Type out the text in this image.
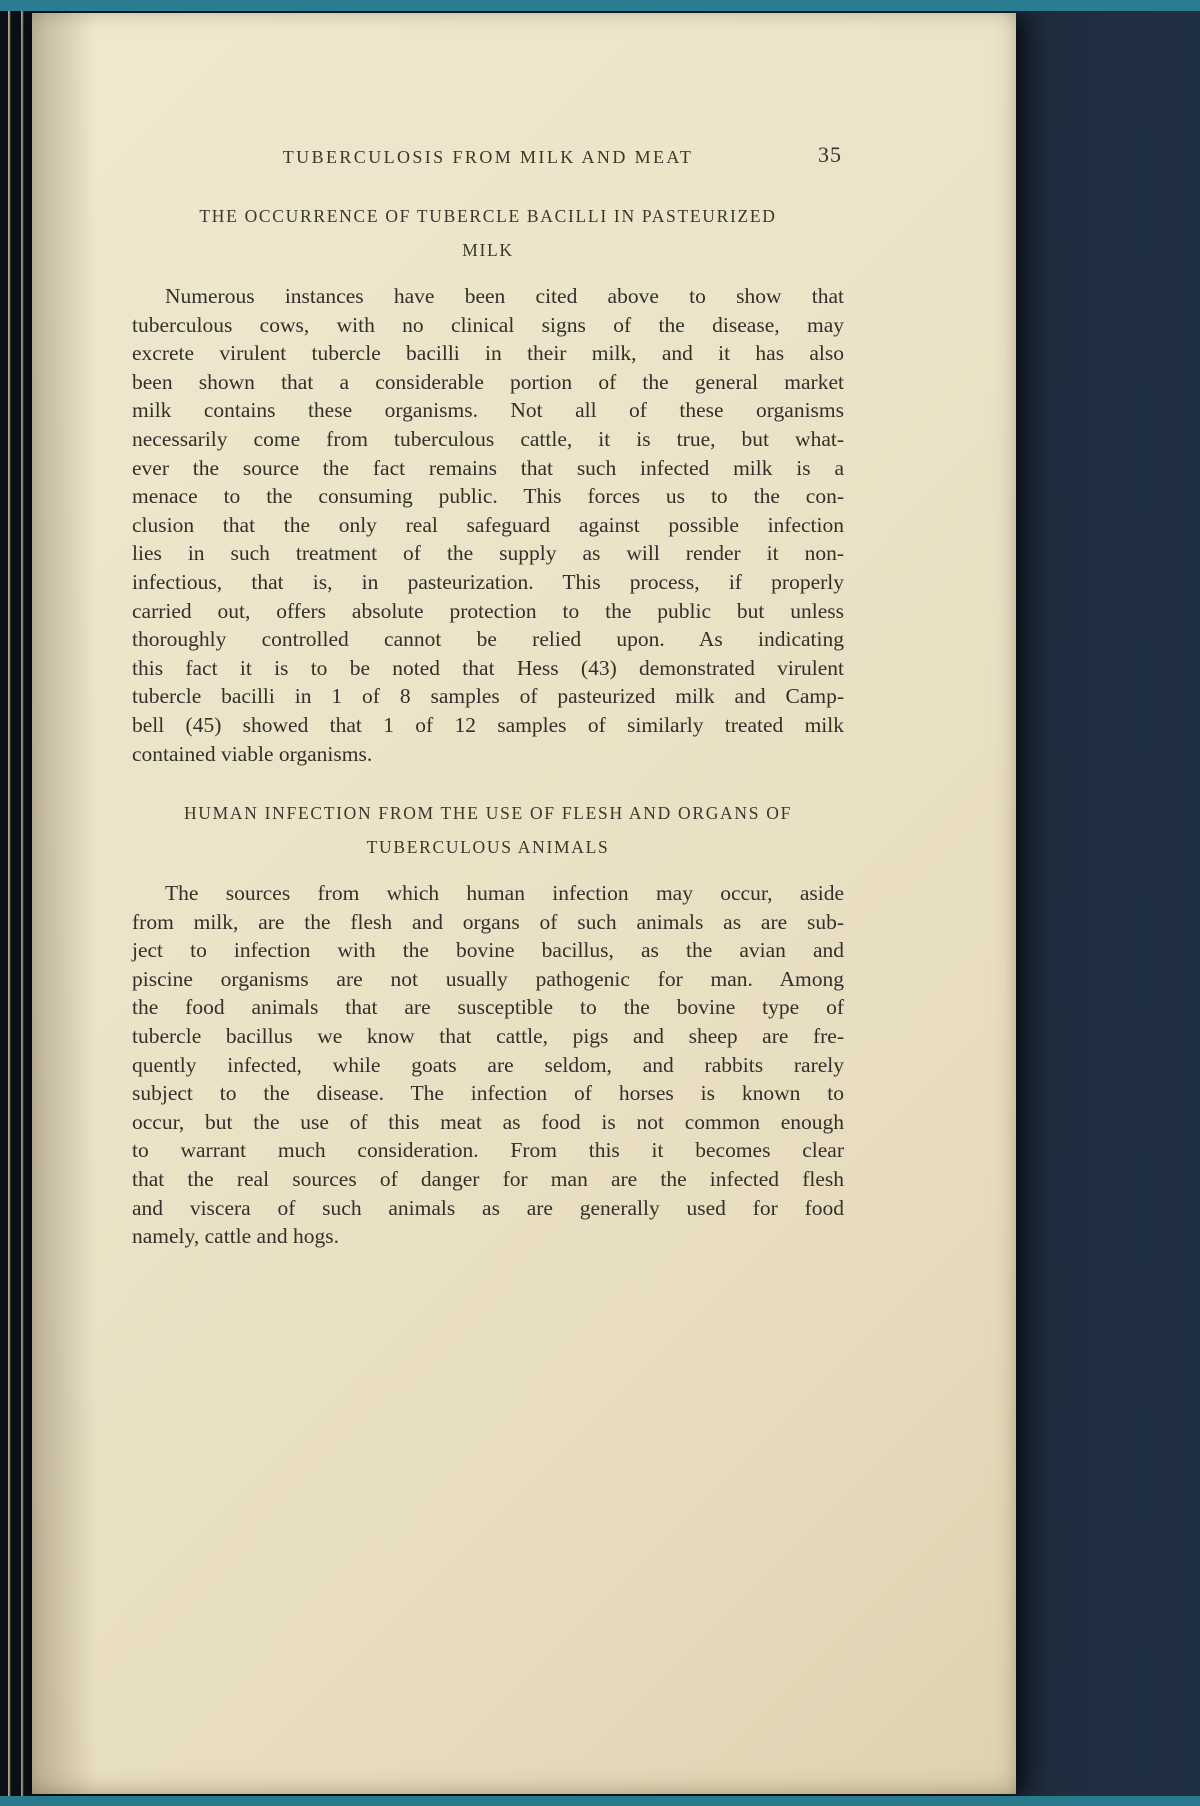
TUBERCULOSIS FROM MILK AND MEAT	35
THE OCCURRENCE OF TUBERCLE BACILLI IN PASTEURIZED
MILK
Numerous instances have been cited above to show that
tuberculous cows, with no clinical signs of the disease, may
excrete virulent tubercle bacilli in their milk, and it has also
been shown that a considerable portion of the general market
milk contains these organisms. Not all of these organisms
necessarily come from tuberculous cattle, it is true, but what-
ever the source the fact remains that such infected milk is a
menace to the consuming public. This forces us to the con-
clusion that the only real safeguard against possible infection
lies in such treatment of the supply as will render it non-
infectious, that is, in pasteurization. This process, if properly
carried out, offers absolute protection to the public but unless
thoroughly controlled cannot be relied upon. As indicating
this fact it is to be noted that Hess (43) demonstrated virulent
tubercle bacilli in 1 of 8 samples of pasteurized milk and Camp-
bell (45) showed that 1 of 12 samples of similarly treated milk
contained viable organisms.
HUMAN INFECTION FROM THE USE OF FLESH AND ORGANS OF
TUBERCULOUS ANIMALS
The sources from which human infection may occur, aside
from milk, are the flesh and organs of such animals as are sub-
ject to infection with the bovine bacillus, as the avian and
piscine organisms are not usually pathogenic for man. Among
the food animals that are susceptible to the bovine type of
tubercle bacillus we know that cattle, pigs and sheep are fre-
quently infected, while goats are seldom, and rabbits rarely
subject to the disease. The infection of horses is known to
occur, but the use of this meat as food is not common enough
to warrant much consideration. From this it becomes clear
that the real sources of danger for man are the infected flesh
and viscera of such animals as are generally used for food
namely, cattle and hogs.
